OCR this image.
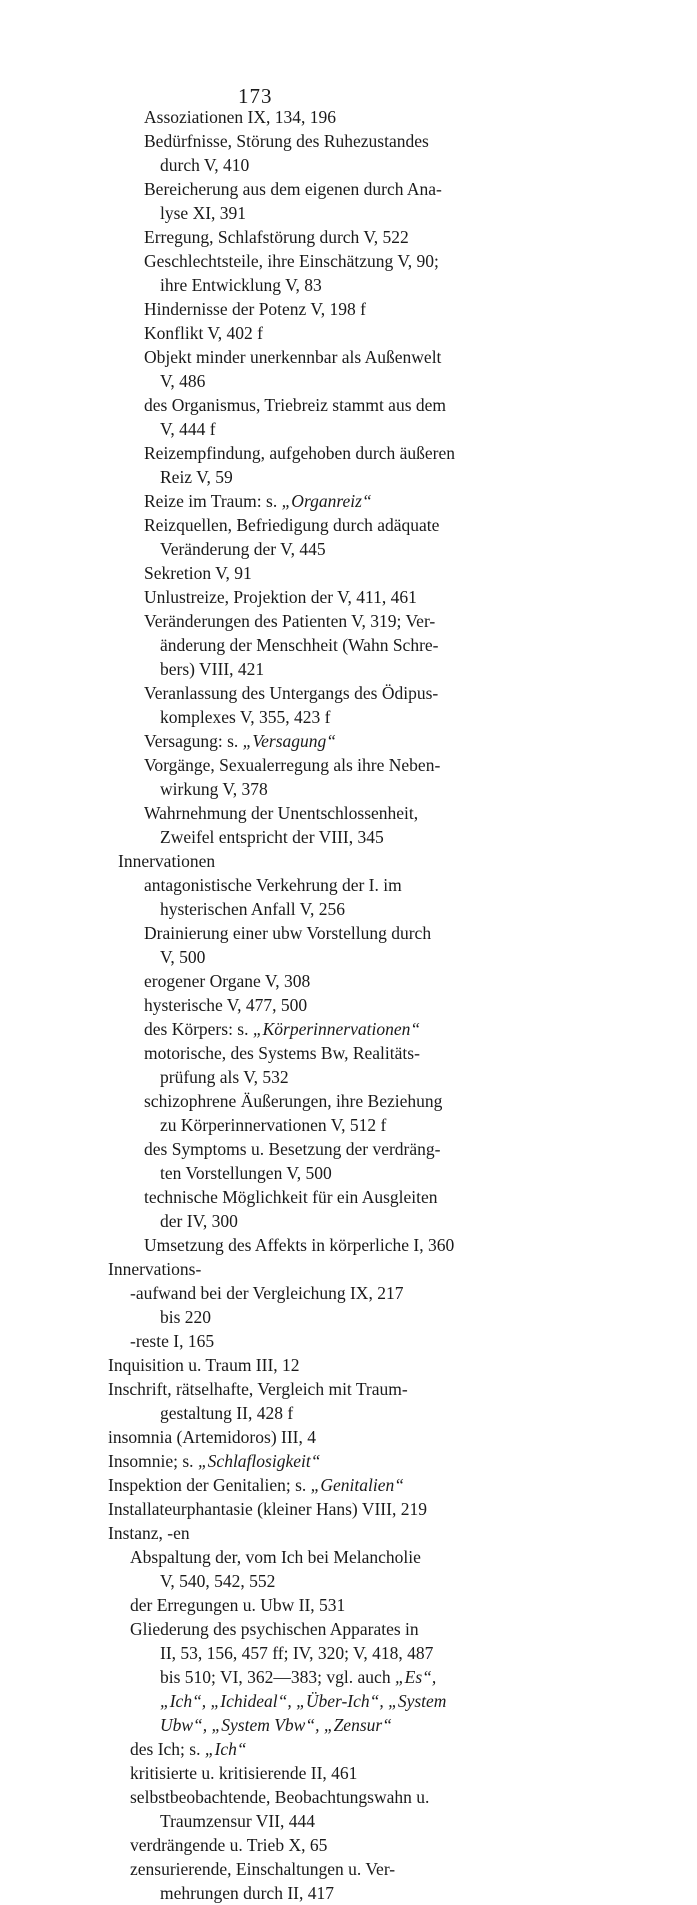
173
Assoziationen IX, 134, 196
Bedürfnisse, Störung des Ruhezustandes
durch V, 410
Bereicherung aus dem eigenen durch Ana-
lyse XI, 391
Erregung, Schlafstörung durch V, 522
Geschlechtsteile, ihre Einschätzung V, 90;
ihre Entwicklung V, 83
Hindernisse der Potenz V, 198 f
Konflikt V, 402 f
Objekt minder unerkennbar als Außenwelt
V, 486
des Organismus, Triebreiz stammt aus dem
V, 444 f
Reizempfindung, aufgehoben durch äußeren
Reiz V, 59
Reize im Traum: s. „Organreiz“
Reizquellen, Befriedigung durch adäquate
Veränderung der V, 445
Sekretion V, 91
Unlustreize, Projektion der V, 411, 461
Veränderungen des Patienten V, 319; Ver-
änderung der Menschheit (Wahn Schre-
bers) VIII, 421
Veranlassung des Untergangs des Ödipus-
komplexes V, 355, 423 f
Versagung: s. „Versagung“
Vorgänge, Sexualerregung als ihre Neben-
wirkung V, 378
Wahrnehmung der Unentschlossenheit,
Zweifel entspricht der VIII, 345
Innervationen
antagonistische Verkehrung der I. im
hysterischen Anfall V, 256
Drainierung einer ubw Vorstellung durch
V, 500
erogener Organe V, 308
hysterische V, 477, 500
des Körpers: s. „Körperinnervationen“
motorische, des Systems Bw, Realitäts-
prüfung als V, 532
schizophrene Äußerungen, ihre Beziehung
zu Körperinnervationen V, 512 f
des Symptoms u. Besetzung der verdräng-
ten Vorstellungen V, 500
technische Möglichkeit für ein Ausgleiten
der IV, 300
Umsetzung des Affekts in körperliche I, 360
Innervations-
-aufwand bei der Vergleichung IX, 217
bis 220
-reste I, 165
Inquisition u. Traum III, 12
Inschrift, rätselhafte, Vergleich mit Traum-
gestaltung II, 428 f
insomnia (Artemidoros) III, 4
Insomnie; s. „Schlaflosigkeit“
Inspektion der Genitalien; s. „Genitalien“
Installateurphantasie (kleiner Hans) VIII, 219
Instanz, -en
Abspaltung der, vom Ich bei Melancholie
V, 540, 542, 552
der Erregungen u. Ubw II, 531
Gliederung des psychischen Apparates in
II, 53, 156, 457 ff; IV, 320; V, 418, 487
bis 510; VI, 362—383; vgl. auch „Es“,
„Ich“, „Ichideal“, „Über-Ich“, „System
Ubw“, „System Vbw“, „Zensur“
des Ich; s. „Ich“
kritisierte u. kritisierende II, 461
selbstbeobachtende, Beobachtungswahn u.
Traumzensur VII, 444
verdrängende u. Trieb X, 65
zensurierende, Einschaltungen u. Ver-
mehrungen durch II, 417
